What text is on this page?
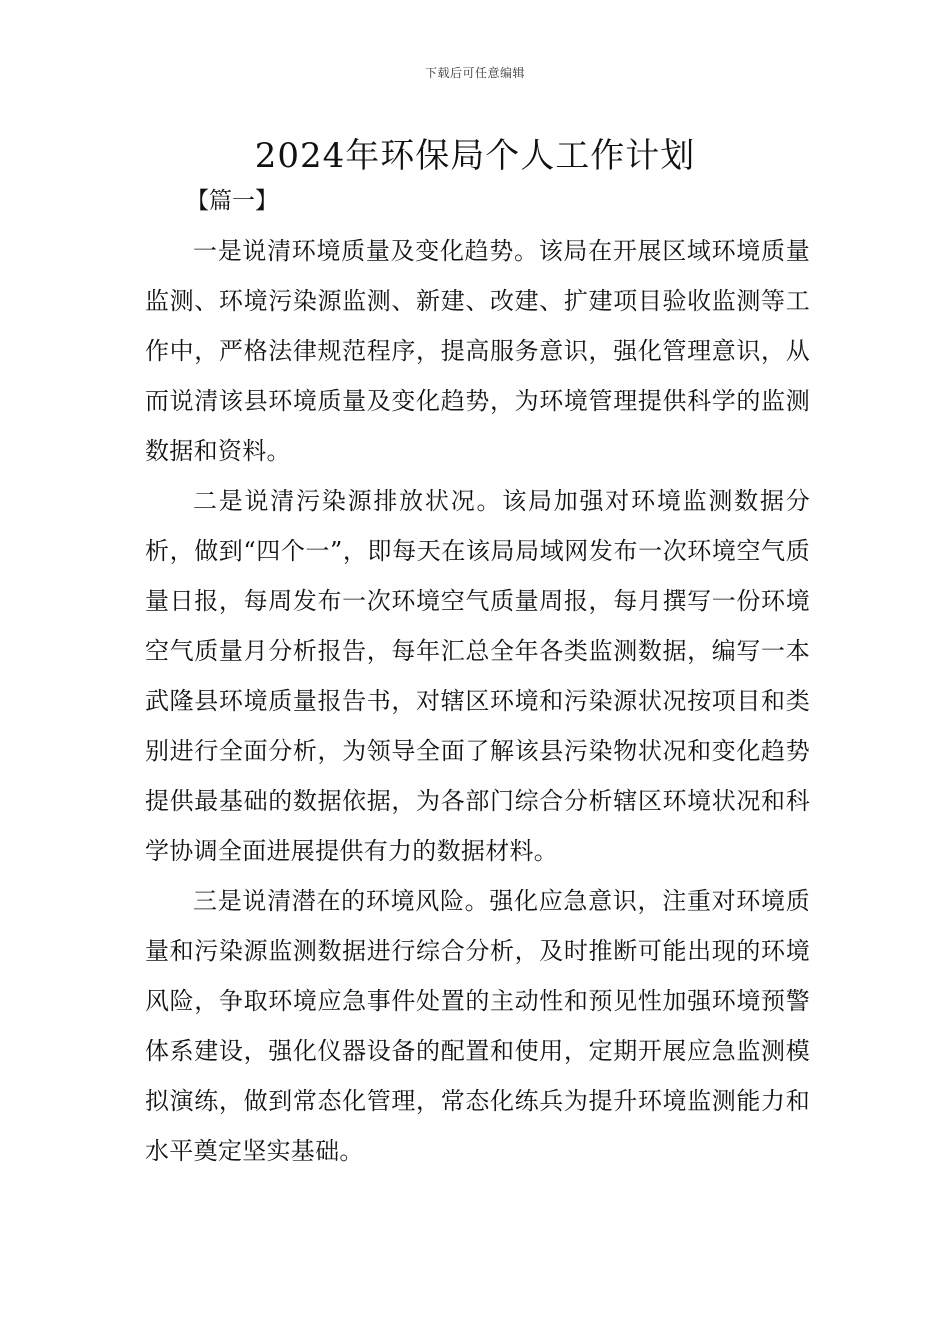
下载后可任意编辑
2024年环保局个人工作计划

【篇一】

一是说清环境质量及变化趋势。该局在开展区域环境质量监测、环境污染源监测、新建、改建、扩建项目验收监测等工作中，严格法律规范程序，提高服务意识，强化管理意识，从而说清该县环境质量及变化趋势，为环境管理提供科学的监测数据和资料。

二是说清污染源排放状况。该局加强对环境监测数据分析，做到“四个一”，即每天在该局局域网发布一次环境空气质量日报，每周发布一次环境空气质量周报，每月撰写一份环境空气质量月分析报告，每年汇总全年各类监测数据，编写一本武隆县环境质量报告书，对辖区环境和污染源状况按项目和类别进行全面分析，为领导全面了解该县污染物状况和变化趋势提供最基础的数据依据，为各部门综合分析辖区环境状况和科学协调全面进展提供有力的数据材料。

三是说清潜在的环境风险。强化应急意识，注重对环境质量和污染源监测数据进行综合分析，及时推断可能出现的环境风险，争取环境应急事件处置的主动性和预见性加强环境预警体系建设，强化仪器设备的配置和使用，定期开展应急监测模拟演练，做到常态化管理，常态化练兵为提升环境监测能力和水平奠定坚实基础。
